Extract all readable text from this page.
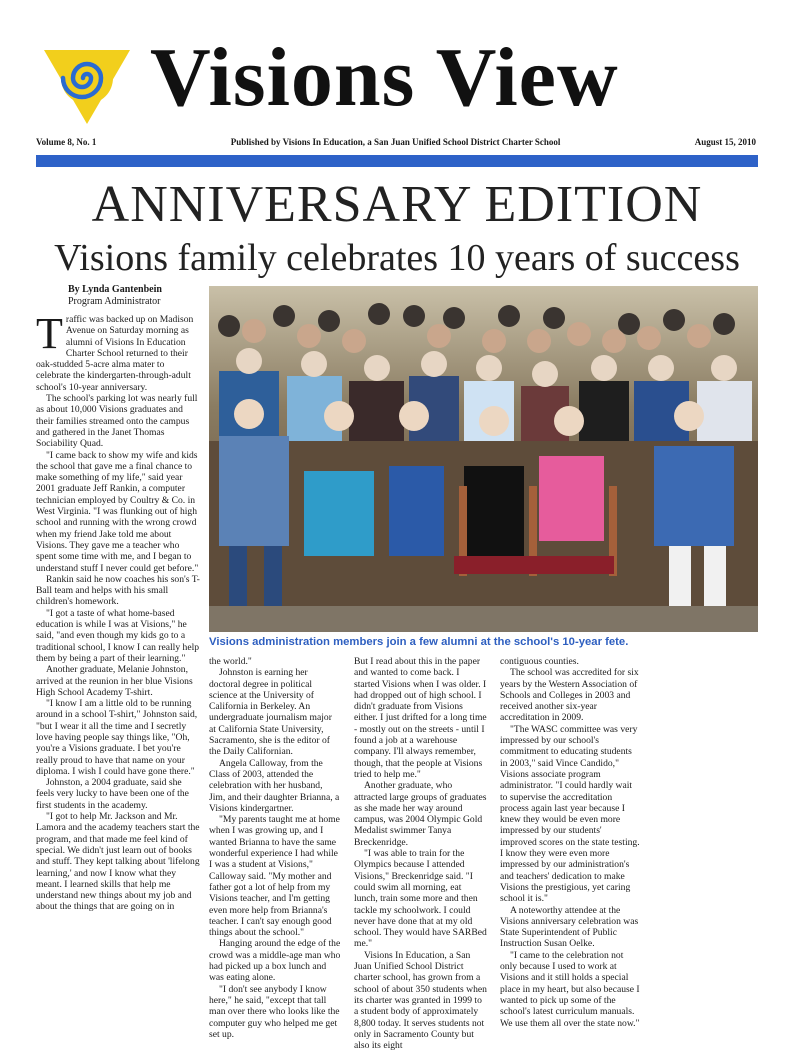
Visions View
Volume 8, No. 1	Published by Visions In Education, a San Juan Unified School District Charter School	August 15, 2010
ANNIVERSARY EDITION
Visions family celebrates 10 years of success
By Lynda Gantenbein
Program Administrator

Traffic was backed up on Madison Avenue on Saturday morning as alumni of Visions In Education Charter School returned to their oak-studded 5-acre alma mater to celebrate the kindergarten-through-adult school's 10-year anniversary.

The school's parking lot was nearly full as about 10,000 Visions graduates and their families streamed onto the campus and gathered in the Janet Thomas Sociability Quad.

"I came back to show my wife and kids the school that gave me a final chance to make something of my life," said year 2001 graduate Jeff Rankin, a computer technician employed by Coultry & Co. in West Virginia. "I was flunking out of high school and running with the wrong crowd when my friend Jake told me about Visions. They gave me a teacher who spent some time with me, and I began to understand stuff I never could get before."

Rankin said he now coaches his son's T-Ball team and helps with his small children's homework.

"I got a taste of what home-based education is while I was at Visions," he said, "and even though my kids go to a traditional school, I know I can really help them by being a part of their learning."

Another graduate, Melanie Johnston, arrived at the reunion in her blue Visions High School Academy T-shirt.

"I know I am a little old to be running around in a school T-shirt," Johnston said, "but I wear it all the time and I secretly love having people say things like, "Oh, you're a Visions graduate. I bet you're really proud to have that name on your diploma. I wish I could have gone there."

Johnston, a 2004 graduate, said she feels very lucky to have been one of the first students in the academy.

"I got to help Mr. Jackson and Mr. Lamora and the academy teachers start the program, and that made me feel kind of special. We didn't just learn out of books and stuff. They kept talking about 'lifelong learning,' and now I know what they meant. I learned skills that help me understand new things about my job and about the things that are going on in

Visions administration members join a few alumni at the school's 10-year fete.

the world."

Johnston is earning her doctoral degree in political science at the University of California in Berkeley. An undergraduate journalism major at California State University, Sacramento, she is the editor of the Daily Californian.

Angela Calloway, from the Class of 2003, attended the celebration with her husband, Jim, and their daughter Brianna, a Visions kindergartner.

"My parents taught me at home when I was growing up, and I wanted Brianna to have the same wonderful experience I had while I was a student at Visions," Calloway said. "My mother and father got a lot of help from my Visions teacher, and I'm getting even more help from Brianna's teacher. I can't say enough good things about the school."

Hanging around the edge of the crowd was a middle-age man who had picked up a box lunch and was eating alone.

"I don't see anybody I know here," he said, "except that tall man over there who looks like the computer guy who helped me get set up.

But I read about this in the paper and wanted to come back. I started Visions when I was older. I had dropped out of high school. I didn't graduate from Visions either. I just drifted for a long time - mostly out on the streets - until I found a job at a warehouse company. I'll always remember, though, that the people at Visions tried to help me."

Another graduate, who attracted large groups of graduates as she made her way around campus, was 2004 Olympic Gold Medalist swimmer Tanya Breckenridge.

"I was able to train for the Olympics because I attended Visions," Breckenridge said. "I could swim all morning, eat lunch, train some more and then tackle my schoolwork. I could never have done that at my old school. They would have SARBed me."

Visions In Education, a San Juan Unified School District charter school, has grown from a school of about 350 students when its charter was granted in 1999 to a student body of approximately 8,800 today. It serves students not only in Sacramento County but also its eight

contiguous counties.

The school was accredited for six years by the Western Association of Schools and Colleges in 2003 and received another six-year accreditation in 2009.

"The WASC committee was very impressed by our school's commitment to educating students in 2003," said Vince Candido," Visions associate program administrator. "I could hardly wait to supervise the accreditation process again last year because I knew they would be even more impressed by our students' improved scores on the state testing. I know they were even more impressed by our administration's and teachers' dedication to make Visions the prestigious, yet caring school it is."

A noteworthy attendee at the Visions anniversary celebration was State Superintendent of Public Instruction Susan Oelke.

"I came to the celebration not only because I used to work at Visions and it still holds a special place in my heart, but also because I wanted to pick up some of the school's latest curriculum manuals. We use them all over the state now."
